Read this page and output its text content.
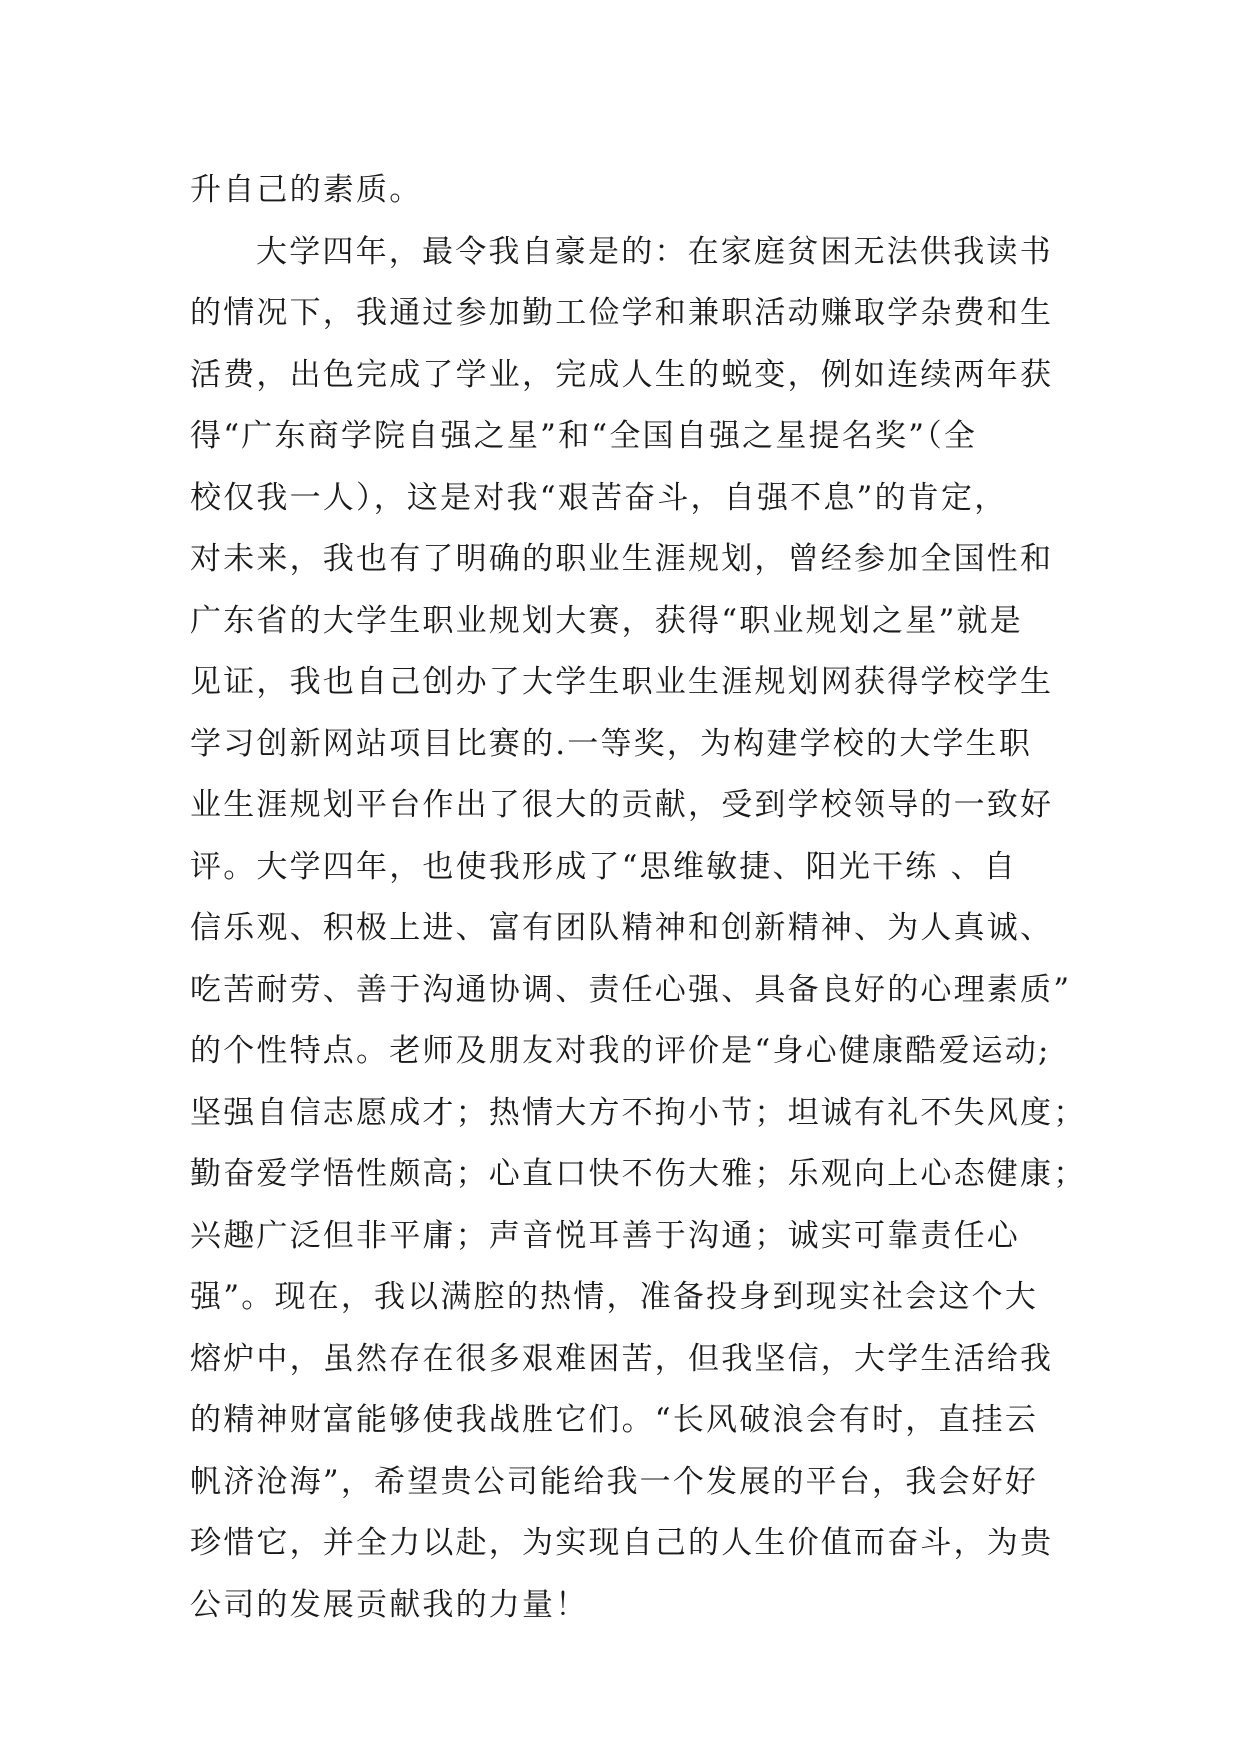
升自己的素质。
大学四年，最令我自豪是的：在家庭贫困无法供我读书
的情况下，我通过参加勤工俭学和兼职活动赚取学杂费和生
活费，出色完成了学业，完成人生的蜕变，例如连续两年获
得“广东商学院自强之星”和“全国自强之星提名奖”（全
校仅我一人），这是对我“艰苦奋斗，自强不息”的肯定，
对未来，我也有了明确的职业生涯规划，曾经参加全国性和
广东省的大学生职业规划大赛，获得“职业规划之星”就是
见证，我也自己创办了大学生职业生涯规划网获得学校学生
学习创新网站项目比赛的.一等奖，为构建学校的大学生职
业生涯规划平台作出了很大的贡献，受到学校领导的一致好
评。大学四年，也使我形成了“思维敏捷、阳光干练 、自
信乐观、积极上进、富有团队精神和创新精神、为人真诚、
吃苦耐劳、善于沟通协调、责任心强、具备良好的心理素质”
的个性特点。老师及朋友对我的评价是“身心健康酷爱运动;
坚强自信志愿成才；热情大方不拘小节；坦诚有礼不失风度；
勤奋爱学悟性颇高；心直口快不伤大雅；乐观向上心态健康；
兴趣广泛但非平庸；声音悦耳善于沟通；诚实可靠责任心
强”。现在，我以满腔的热情，准备投身到现实社会这个大
熔炉中，虽然存在很多艰难困苦，但我坚信，大学生活给我
的精神财富能够使我战胜它们。“长风破浪会有时，直挂云
帆济沧海”，希望贵公司能给我一个发展的平台，我会好好
珍惜它，并全力以赴，为实现自己的人生价值而奋斗，为贵
公司的发展贡献我的力量！
